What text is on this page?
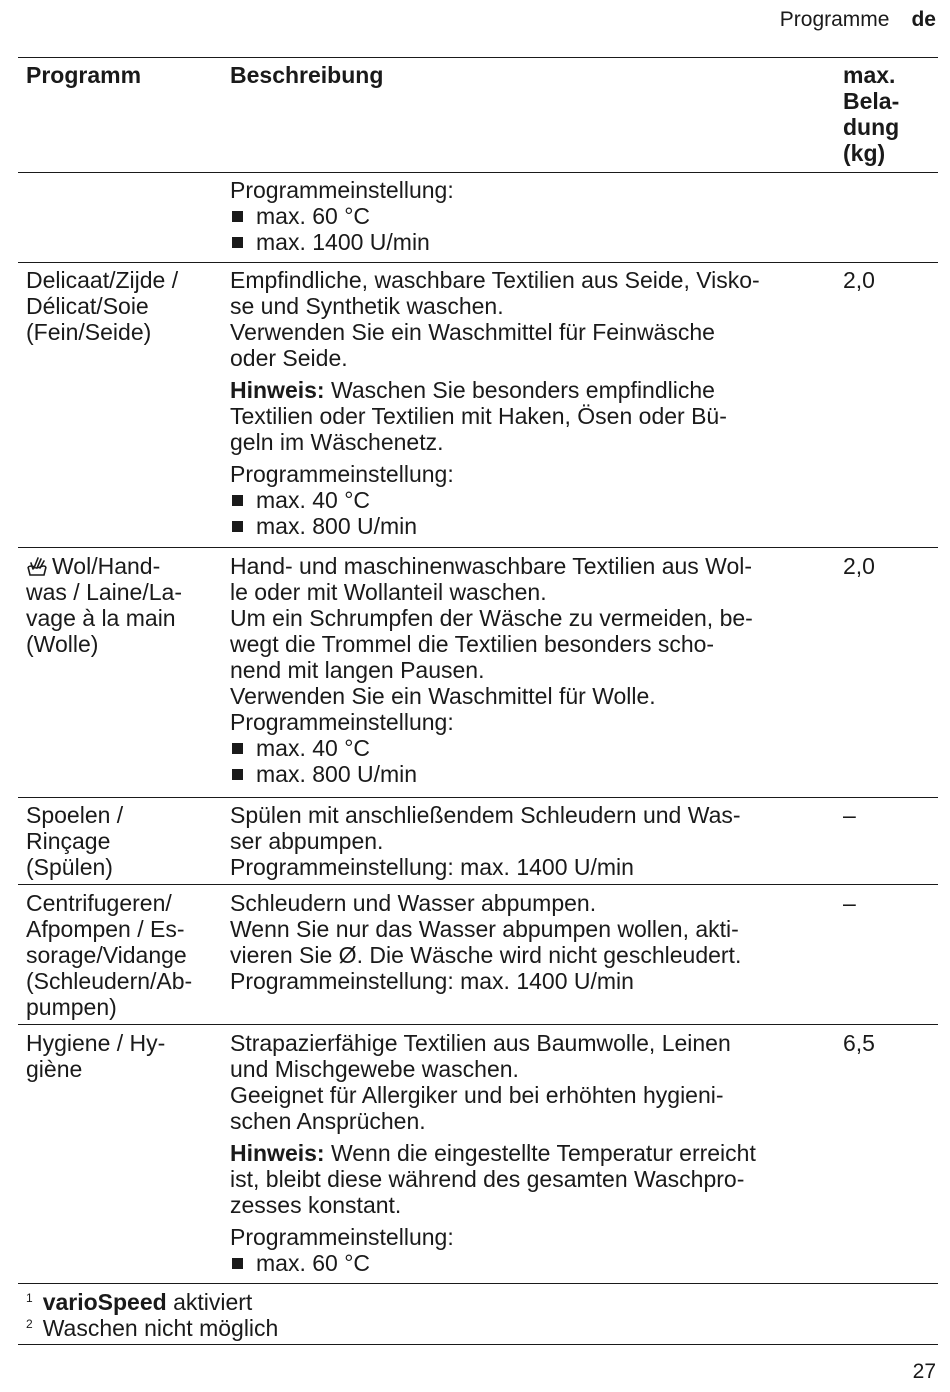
Programme de
Programm	Beschreibung	max.
Bela-
dung
(kg)
Programmeinstellung:
max. 60 °C
max. 1400 U/min
Delicaat/Zijde /
Délicat/Soie
(Fein/Seide)
Empfindliche, waschbare Textilien aus Seide, Visko-
se und Synthetik waschen.
Verwenden Sie ein Waschmittel für Feinwäsche
oder Seide.
Hinweis: Waschen Sie besonders empfindliche
Textilien oder Textilien mit Haken, Ösen oder Bü-
geln im Wäschenetz.
Programmeinstellung:
max. 40 °C
max. 800 U/min
2,0
Wol/Hand-
was / Laine/La-
vage à la main
(Wolle)
Hand- und maschinenwaschbare Textilien aus Wol-
le oder mit Wollanteil waschen.
Um ein Schrumpfen der Wäsche zu vermeiden, be-
wegt die Trommel die Textilien besonders scho-
nend mit langen Pausen.
Verwenden Sie ein Waschmittel für Wolle.
Programmeinstellung:
max. 40 °C
max. 800 U/min
2,0
Spoelen /
Rinçage
(Spülen)
Spülen mit anschließendem Schleudern und Was-
ser abpumpen.
Programmeinstellung: max. 1400 U/min
–
Centrifugeren/
Afpompen / Es-
sorage/Vidange
(Schleudern/Ab-
pumpen)
Schleudern und Wasser abpumpen.
Wenn Sie nur das Wasser abpumpen wollen, akti-
vieren Sie Ø. Die Wäsche wird nicht geschleudert.
Programmeinstellung: max. 1400 U/min
–
Hygiene / Hy-
giène
Strapazierfähige Textilien aus Baumwolle, Leinen
und Mischgewebe waschen.
Geeignet für Allergiker und bei erhöhten hygieni-
schen Ansprüchen.
Hinweis: Wenn die eingestellte Temperatur erreicht
ist, bleibt diese während des gesamten Waschpro-
zesses konstant.
Programmeinstellung:
max. 60 °C
6,5
$^1$ varioSpeed aktiviert
$^2$ Waschen nicht möglich
27
